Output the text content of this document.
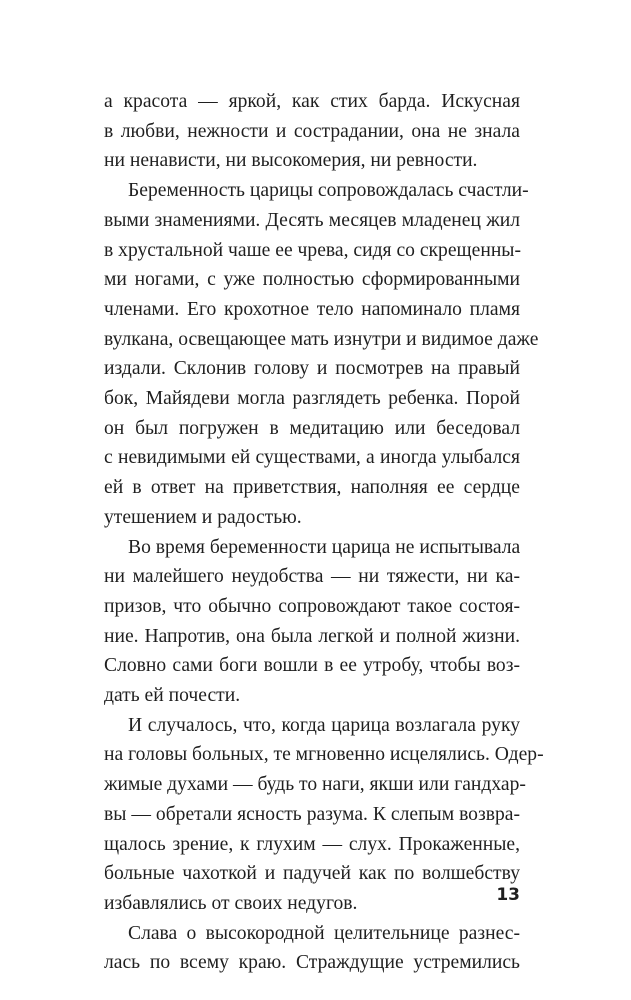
а красота — яркой, как стих барда. Искусная
в любви, нежности и сострадании, она не знала
ни ненависти, ни высокомерия, ни ревности.
Беременность царицы сопровождалась счастли-
выми знамениями. Десять месяцев младенец жил
в хрустальной чаше ее чрева, сидя со скрещенны-
ми ногами, с уже полностью сформированными
членами. Его крохотное тело напоминало пламя
вулкана, освещающее мать изнутри и видимое даже
издали. Склонив голову и посмотрев на правый
бок, Майядеви могла разглядеть ребенка. Порой
он был погружен в медитацию или беседовал
с невидимыми ей существами, а иногда улыбался
ей в ответ на приветствия, наполняя ее сердце
утешением и радостью.
Во время беременности царица не испытывала
ни малейшего неудобства — ни тяжести, ни ка-
призов, что обычно сопровождают такое состоя-
ние. Напротив, она была легкой и полной жизни.
Словно сами боги вошли в ее утробу, чтобы воз-
дать ей почести.
И случалось, что, когда царица возлагала руку
на головы больных, те мгновенно исцелялись. Одер-
жимые духами — будь то наги, якши или гандхар-
вы — обретали ясность разума. К слепым возвра-
щалось зрение, к глухим — слух. Прокаженные,
больные чахоткой и падучей как по волшебству
избавлялись от своих недугов.
Слава о высокородной целительнице разнес-
лась по всему краю. Страждущие устремились
13
